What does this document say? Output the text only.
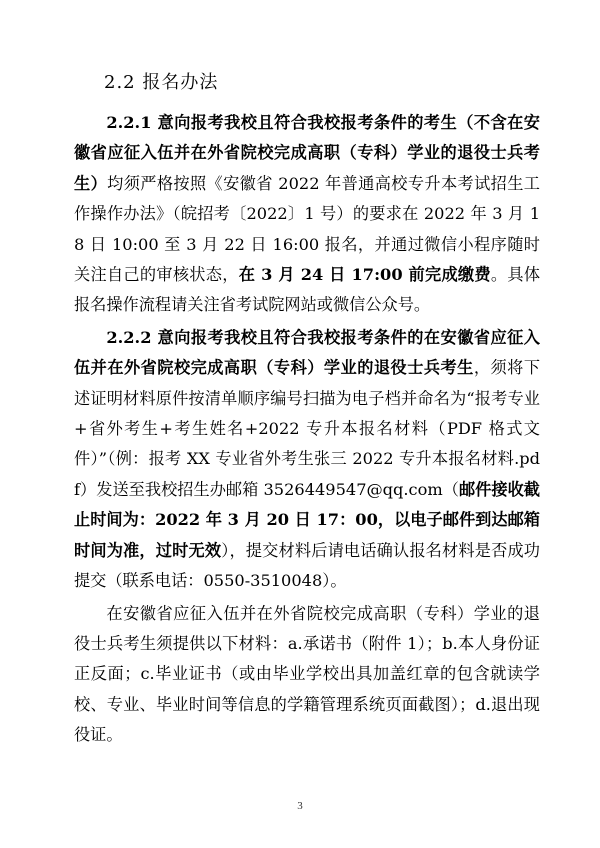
2.2 报名办法

2.2.1 意向报考我校且符合我校报考条件的考生（不含在安徽省应征入伍并在外省院校完成高职（专科）学业的退役士兵考生）均须严格按照《安徽省 2022 年普通高校专升本考试招生工作操作办法》（皖招考〔2022〕1 号）的要求在 2022 年 3 月 18 日 10:00 至 3 月 22 日 16:00 报名，并通过微信小程序随时关注自己的审核状态，在 3 月 24 日 17:00 前完成缴费。具体报名操作流程请关注省考试院网站或微信公众号。

2.2.2 意向报考我校且符合我校报考条件的在安徽省应征入伍并在外省院校完成高职（专科）学业的退役士兵考生，须将下述证明材料原件按清单顺序编号扫描为电子档并命名为“报考专业+省外考生+考生姓名+2022 专升本报名材料（PDF 格式文件）”（例：报考 XX 专业省外考生张三 2022 专升本报名材料.pdf）发送至我校招生办邮箱 3526449547@qq.com（邮件接收截止时间为：2022 年 3 月 20 日 17：00，以电子邮件到达邮箱时间为准，过时无效），提交材料后请电话确认报名材料是否成功提交（联系电话：0550-3510048）。

在安徽省应征入伍并在外省院校完成高职（专科）学业的退役士兵考生须提供以下材料：a.承诺书（附件 1）；b.本人身份证正反面；c.毕业证书（或由毕业学校出具加盖红章的包含就读学校、专业、毕业时间等信息的学籍管理系统页面截图）；d.退出现役证。

3
